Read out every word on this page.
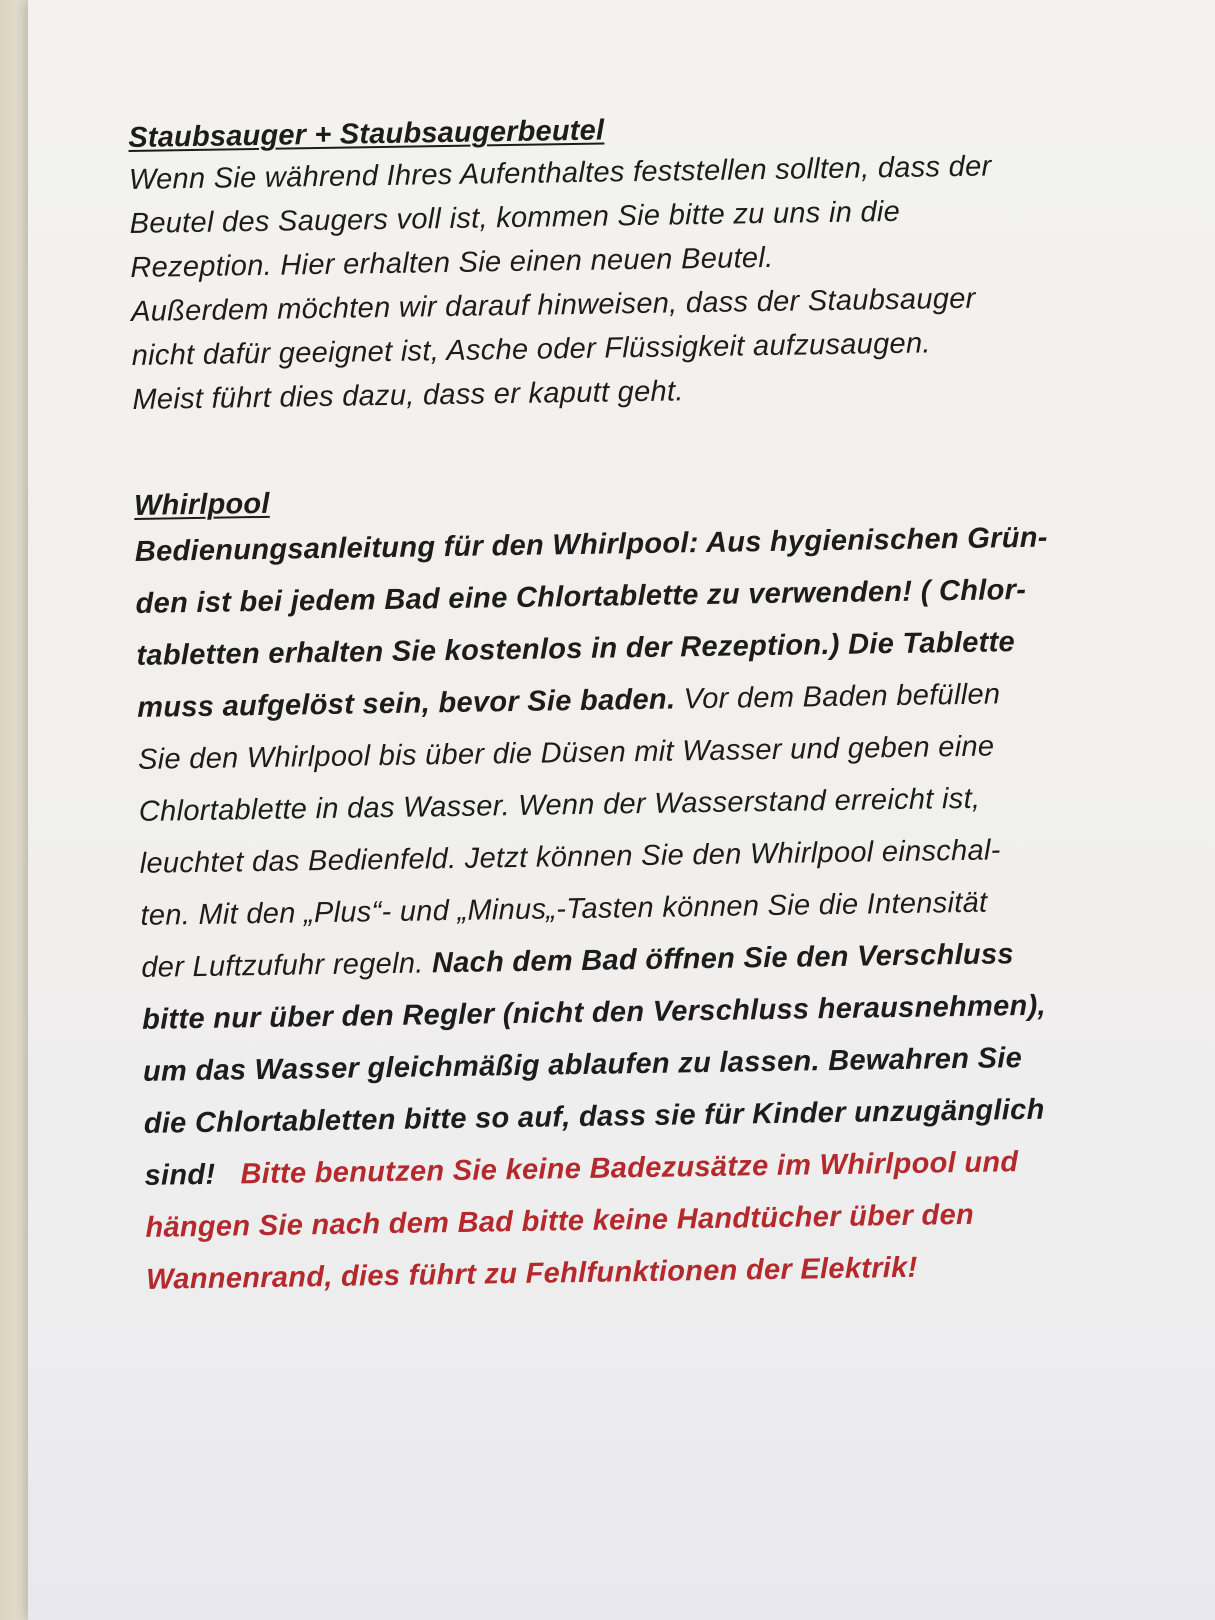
Staubsauger + Staubsaugerbeutel

Wenn Sie während Ihres Aufenthaltes feststellen sollten, dass der
Beutel des Saugers voll ist, kommen Sie bitte zu uns in die
Rezeption. Hier erhalten Sie einen neuen Beutel.
Außerdem möchten wir darauf hinweisen, dass der Staubsauger
nicht dafür geeignet ist, Asche oder Flüssigkeit aufzusaugen.
Meist führt dies dazu, dass er kaputt geht.

Whirlpool

Bedienungsanleitung für den Whirlpool: Aus hygienischen Grün-
den ist bei jedem Bad eine Chlortablette zu verwenden! ( Chlor-
tabletten erhalten Sie kostenlos in der Rezeption.) Die Tablette
muss aufgelöst sein, bevor Sie baden. Vor dem Baden befüllen
Sie den Whirlpool bis über die Düsen mit Wasser und geben eine
Chlortablette in das Wasser. Wenn der Wasserstand erreicht ist,
leuchtet das Bedienfeld. Jetzt können Sie den Whirlpool einschal-
ten. Mit den „Plus“- und „Minus„-Tasten können Sie die Intensität
der Luftzufuhr regeln. Nach dem Bad öffnen Sie den Verschluss
bitte nur über den Regler (nicht den Verschluss herausnehmen),
um das Wasser gleichmäßig ablaufen zu lassen. Bewahren Sie
die Chlortabletten bitte so auf, dass sie für Kinder unzugänglich
sind! Bitte benutzen Sie keine Badezusätze im Whirlpool und
hängen Sie nach dem Bad bitte keine Handtücher über den
Wannenrand, dies führt zu Fehlfunktionen der Elektrik!
